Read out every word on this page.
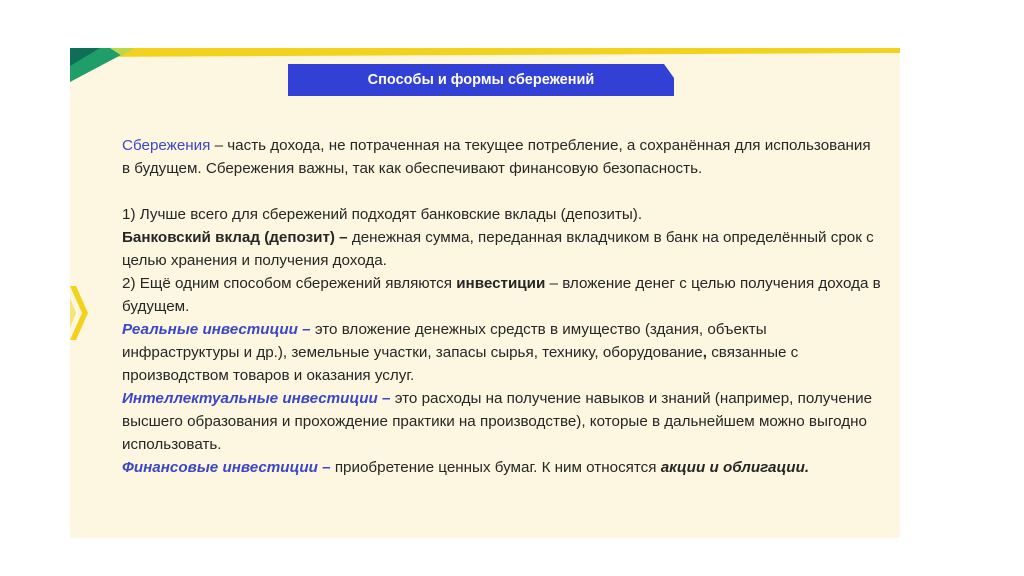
Способы и формы сбережений

Сбережения – часть дохода, не потраченная на текущее потребление, а сохранённая для использования в будущем. Сбережения важны, так как обеспечивают финансовую безопасность.

1) Лучше всего для сбережений подходят банковские вклады (депозиты).

Банковский вклад (депозит) – денежная сумма, переданная вкладчиком в банк на определённый срок с целью хранения и получения дохода.

2) Ещё одним способом сбережений являются инвестиции – вложение денег с целью получения дохода в будущем.

Реальные инвестиции – это вложение денежных средств в имущество (здания, объекты инфраструктуры и др.), земельные участки, запасы сырья, технику, оборудование, связанные с производством товаров и оказания услуг.

Интеллектуальные инвестиции – это расходы на получение навыков и знаний (например, получение высшего образования и прохождение практики на производстве), которые в дальнейшем можно выгодно использовать.

Финансовые инвестиции – приобретение ценных бумаг. К ним относятся акции и облигации.
